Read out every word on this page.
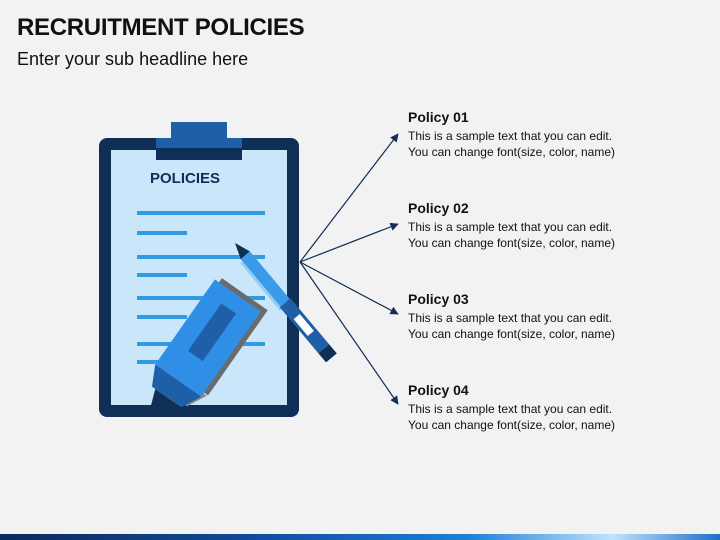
RECRUITMENT POLICIES
Enter your sub headline here
POLICIES
Policy 01
This is a sample text that you can edit.
You can change font(size, color, name)
Policy 02
This is a sample text that you can edit.
You can change font(size, color, name)
Policy 03
This is a sample text that you can edit.
You can change font(size, color, name)
Policy 04
This is a sample text that you can edit.
You can change font(size, color, name)
